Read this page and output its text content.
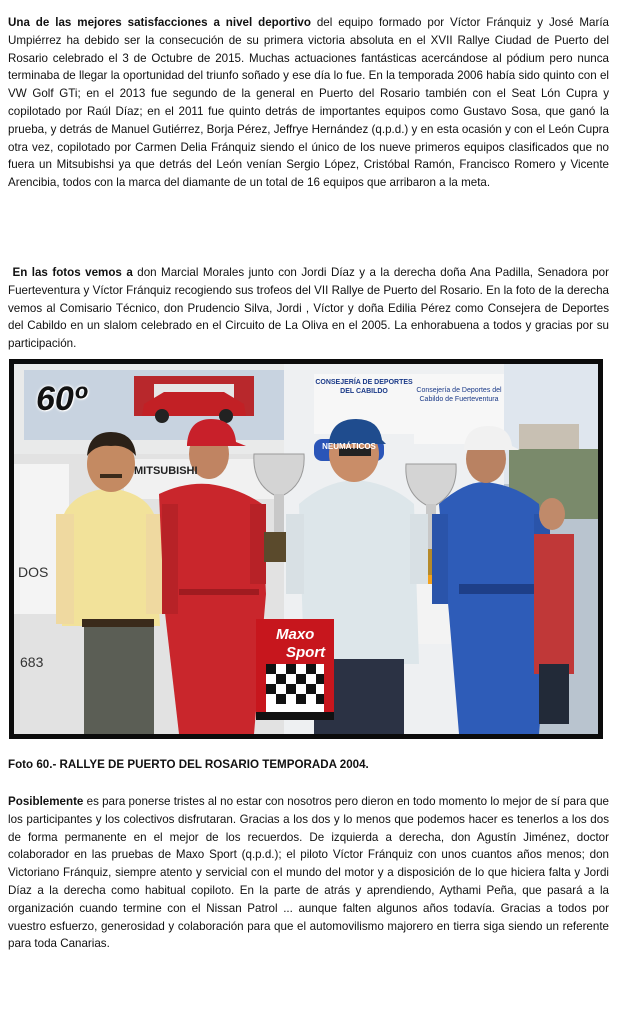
Una de las mejores satisfacciones a nivel deportivo del equipo formado por Víctor Fránquiz y José María Umpiérrez ha debido ser la consecución de su primera victoria absoluta en el XVII Rallye Ciudad de Puerto del Rosario celebrado el 3 de Octubre de 2015. Muchas actuaciones fantásticas acercándose al pódium pero nunca terminaba de llegar la oportunidad del triunfo soñado y ese día lo fue. En la temporada 2006 había sido quinto con el VW Golf GTi; en el 2013 fue segundo de la general en Puerto del Rosario también con el Seat Lón Cupra y copilotado por Raúl Díaz; en el 2011 fue quinto detrás de importantes equipos como Gustavo Sosa, que ganó la prueba, y detrás de Manuel Gutiérrez, Borja Pérez, Jeffrye Hernández (q.p.d.) y en esta ocasión y con el León Cupra otra vez, copilotado por Carmen Delia Fránquiz siendo el único de los nueve primeros equipos clasificados que no fuera un Mitsubishsi ya que detrás del León venían Sergio López, Cristóbal Ramón, Francisco Romero y Vicente Arencibia, todos con la marca del diamante de un total de 16 equipos que arribaron a la meta.

En las fotos vemos a don Marcial Morales junto con Jordi Díaz y a la derecha doña Ana Padilla, Senadora por Fuerteventura y Víctor Fránquiz recogiendo sus trofeos del VII Rallye de Puerto del Rosario. En la foto de la derecha vemos al Comisario Técnico, don Prudencio Silva, Jordi , Víctor y doña Edilia Pérez como Consejera de Deportes del Cabildo en un slalom celebrado en el Circuito de La Oliva en el 2005. La enhorabuena a todos y gracias por su participación.

60º
Maxo
Sport
MITSUBISHI
NEUMÁTICOS
683
DOS
CONSEJERÍA DE DEPORTES DEL CABILDO	Consejería de Deportes del Cabildo de Fuerteventura

Foto 60.- RALLYE DE PUERTO DEL ROSARIO TEMPORADA 2004.

Posiblemente es para ponerse tristes al no estar con nosotros pero dieron en todo momento lo mejor de sí para que los participantes y los colectivos disfrutaran. Gracias a los dos y lo menos que podemos hacer es tenerlos a los dos de forma permanente en el mejor de los recuerdos. De izquierda a derecha, don Agustín Jiménez, doctor colaborador en las pruebas de Maxo Sport (q.p.d.); el piloto Víctor Fránquiz con unos cuantos años menos; don Victoriano Fránquiz, siempre atento y servicial con el mundo del motor y a disposición de lo que hiciera falta y Jordi Díaz a la derecha como habitual copiloto. En la parte de atrás y aprendiendo, Aythami Peña, que pasará a la organización cuando termine con el Nissan Patrol ... aunque falten algunos años todavía. Gracias a todos por vuestro esfuerzo, generosidad y colaboración para que el automovilismo majorero en tierra siga siendo un referente para toda Canarias.
